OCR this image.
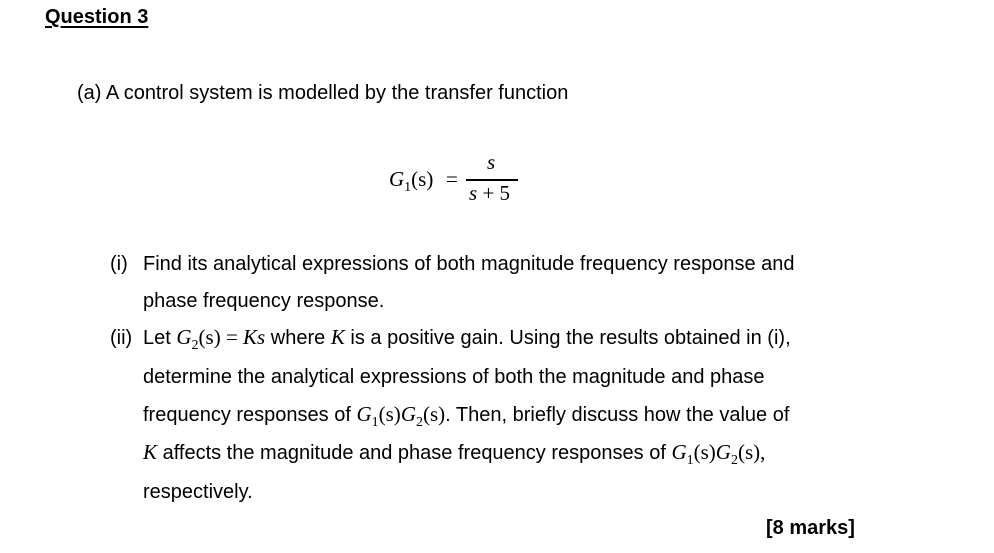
Question 3
(a) A control system is modelled by the transfer function
G1(s) =
s
s + 5
(i) Find its analytical expressions of both magnitude frequency response and
phase frequency response.
(ii) Let $G_2(s) = Ks$ where K is a positive gain. Using the results obtained in (i),
determine the analytical expressions of both the magnitude and phase
frequency responses of $G_1(s)G_2(s)$. Then, briefly discuss how the value of
K affects the magnitude and phase frequency responses of $G_1(s)G_2(s)$,
respectively.
[8 marks]
